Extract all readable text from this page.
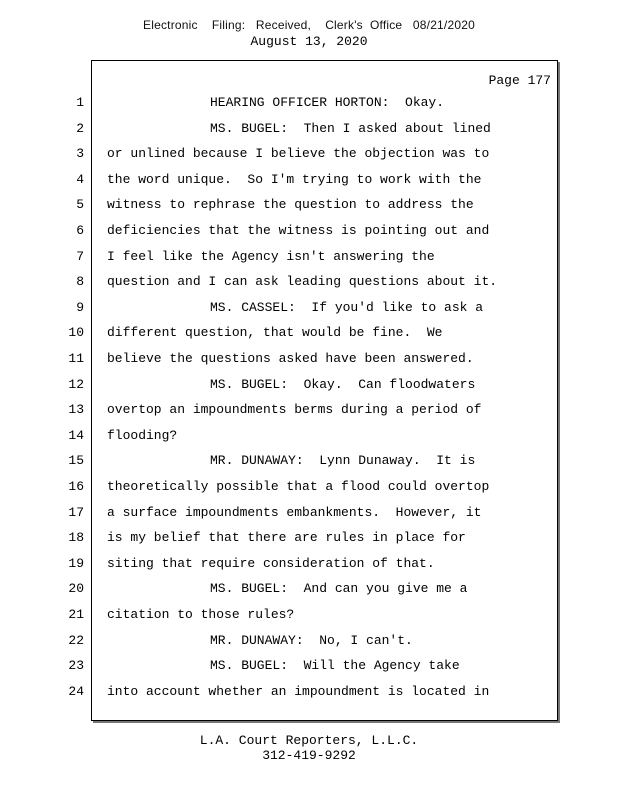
Electronic Filing: Received, Clerk's Office 08/21/2020
August 13, 2020
Page 177
1	HEARING OFFICER HORTON:  Okay.
2	MS. BUGEL:  Then I asked about lined
3 or unlined because I believe the objection was to
4 the word unique.  So I'm trying to work with the
5 witness to rephrase the question to address the
6 deficiencies that the witness is pointing out and
7 I feel like the Agency isn't answering the
8 question and I can ask leading questions about it.
9	MS. CASSEL:  If you'd like to ask a
10 different question, that would be fine.  We
11 believe the questions asked have been answered.
12	MS. BUGEL:  Okay.  Can floodwaters
13 overtop an impoundments berms during a period of
14 flooding?
15	MR. DUNAWAY:  Lynn Dunaway.  It is
16 theoretically possible that a flood could overtop
17 a surface impoundments embankments.  However, it
18 is my belief that there are rules in place for
19 siting that require consideration of that.
20	MS. BUGEL:  And can you give me a
21 citation to those rules?
22	MR. DUNAWAY:  No, I can't.
23	MS. BUGEL:  Will the Agency take
24 into account whether an impoundment is located in
L.A. Court Reporters, L.L.C.
312-419-9292
